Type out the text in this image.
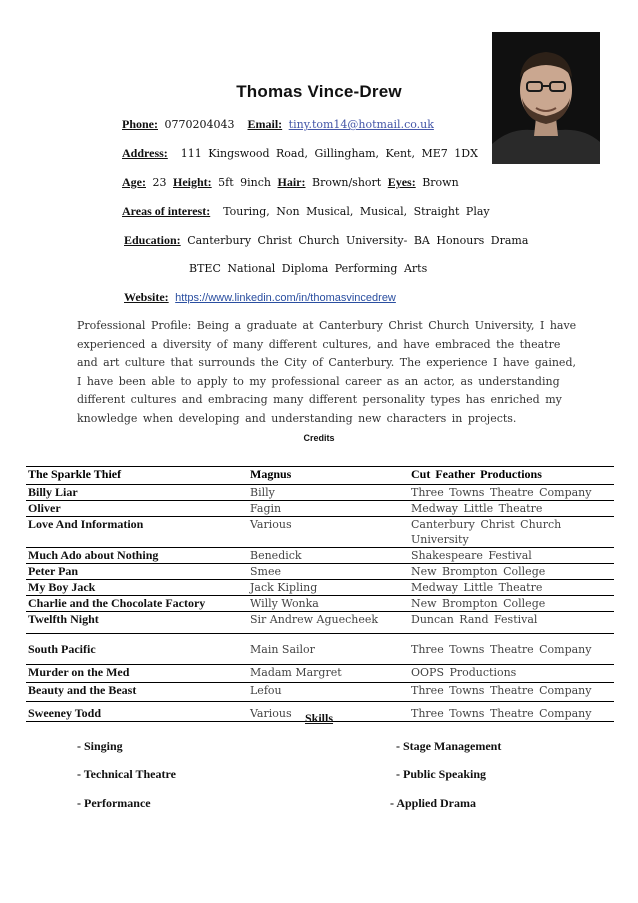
Thomas Vince-Drew
Phone: 0770204043 Email: tiny.tom14@hotmail.co.uk
Address: 111 Kingswood Road, Gillingham, Kent, ME7 1DX
Age: 23 Height: 5ft 9inch Hair: Brown/short Eyes: Brown
Areas of interest: Touring, Non Musical, Musical, Straight Play
Education: Canterbury Christ Church University- BA Honours Drama
BTEC National Diploma Performing Arts
Website: https://www.linkedin.com/in/thomasvincedrew
Professional Profile: Being a graduate at Canterbury Christ Church University, I have
experienced a diversity of many different cultures, and have embraced the theatre
and art culture that surrounds the City of Canterbury. The experience I have gained,
I have been able to apply to my professional career as an actor, as understanding
different cultures and embracing many different personality types has enriched my
knowledge when developing and understanding new characters in projects.
Credits
The Sparkle Thief	Magnus	Cut Feather Productions
Billy Liar	Billy	Three Towns Theatre Company
Oliver	Fagin	Medway Little Theatre
Love And Information	Various	Canterbury Christ Church University
Much Ado about Nothing	Benedick	Shakespeare Festival
Peter Pan	Smee	New Brompton College
My Boy Jack	Jack Kipling	Medway Little Theatre
Charlie and the Chocolate Factory	Willy Wonka	New Brompton College
Twelfth Night	Sir Andrew Aguecheek	Duncan Rand Festival
South Pacific	Main Sailor	Three Towns Theatre Company
Murder on the Med	Madam Margret	OOPS Productions
Beauty and the Beast	Lefou	Three Towns Theatre Company
Sweeney Todd	Various	Three Towns Theatre Company
Skills
- Singing	- Stage Management
- Technical Theatre	- Public Speaking
- Performance	- Applied Drama
